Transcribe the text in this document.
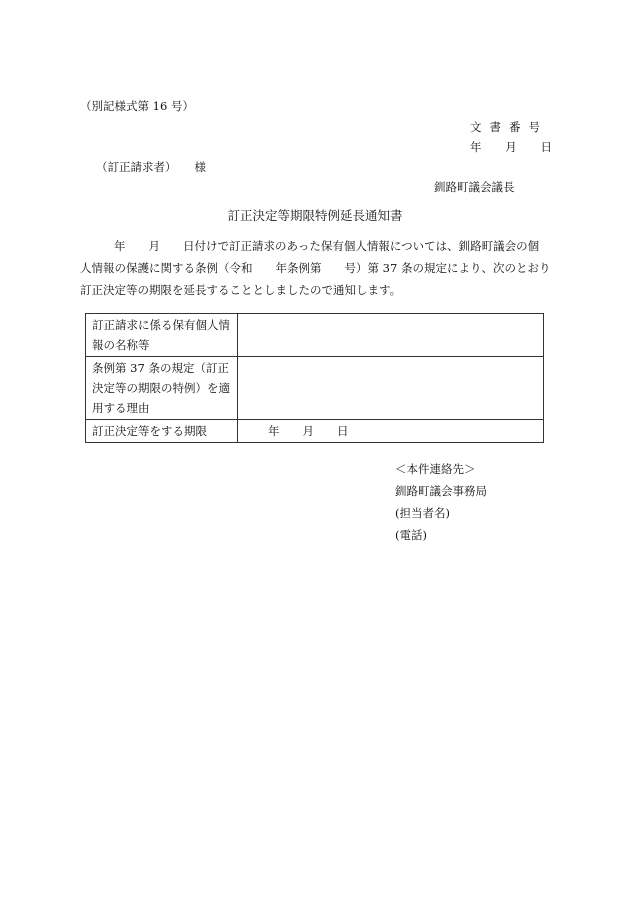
（別記様式第 16 号）
文書番号
年 月 日
（訂正請求者） 様
釧路町議会議長
訂正決定等期限特例延長通知書

年　　月　　日付けで訂正請求のあった保有個人情報については、釧路町議会の個

人情報の保護に関する条例（令和　　年条例第　　号）第 37 条の規定により、次のとおり

訂正決定等の期限を延長することとしましたので通知します。

訂正請求に係る保有個人情報の名称等	
条例第 37 条の規定（訂正決定等の期限の特例）を適用する理由	
訂正決定等をする期限	年　　月　　日
＜本件連絡先＞
釧路町議会事務局
(担当者名)
(電話)
